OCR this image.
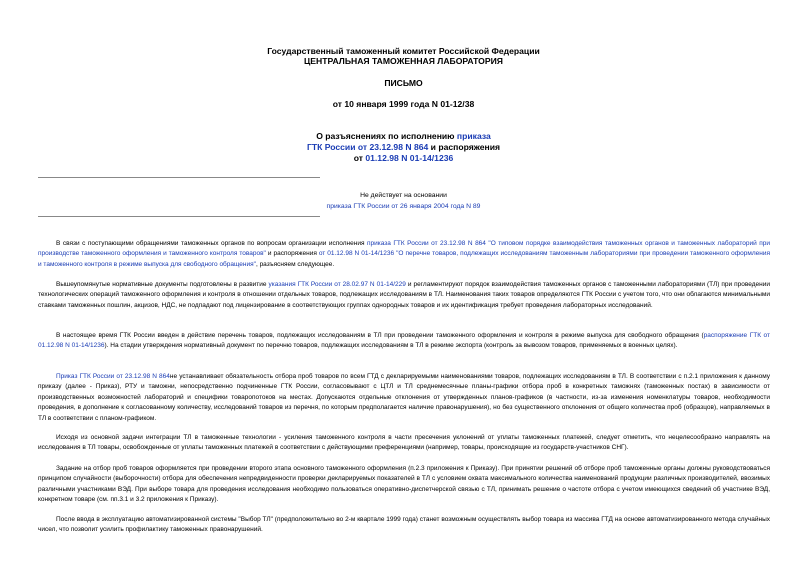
Государственный таможенный комитет Российской Федерации
ЦЕНТРАЛЬНАЯ ТАМОЖЕННАЯ ЛАБОРАТОРИЯ
ПИСЬМО
от 10 января 1999 года N 01-12/38
О разъяснениях по исполнению приказа
ГТК России от 23.12.98 N 864 и распоряжения
от 01.12.98 N 01-14/1236
Не действует на основании
приказа ГТК России от 26 января 2004 года N 89
В связи с поступающими обращениями таможенных органов по вопросам организации исполнения приказа ГТК России от 23.12.98 N 864 "О типовом порядке взаимодействия таможенных органов и таможенных лабораторий при производстве таможенного оформления и таможенного контроля товаров" и распоряжения от 01.12.98 N 01-14/1236 "О перечне товаров, подлежащих исследованиям таможенным лабораториями при проведении таможенного оформления и таможенного контроля в режиме выпуска для свободного обращения", разъясняем следующее.
Вышеупомянутые нормативные документы подготовлены в развитие указания ГТК России от 28.02.97 N 01-14/229 и регламентируют порядок взаимодействия таможенных органов с таможенными лабораториями (ТЛ) при проведении технологических операций таможенного оформления и контроля в отношении отдельных товаров, подлежащих исследованиям в ТЛ. Наименования таких товаров определяются ГТК России с учетом того, что они облагаются минимальными ставками таможенных пошлин, акцизов, НДС, не подпадают под лицензирование в соответствующих группах однородных товаров и их идентификация требует проведения лабораторных исследований.
В настоящее время ГТК России введен в действие перечень товаров, подлежащих исследованиям в ТЛ при проведении таможенного оформления и контроля в режиме выпуска для свободного обращения (распоряжение ГТК от 01.12.98 N 01-14/1236). На стадии утверждения нормативный документ по перечню товаров, подлежащих исследованиям в ТЛ в режиме экспорта (контроль за вывозом товаров, применяемых в военных целях).
Приказ ГТК России от 23.12.98 N 864не устанавливает обязательность отбора проб товаров по всем ГТД с декларируемыми наименованиями товаров, подлежащих исследованиям в ТЛ. В соответствии с п.2.1 приложения к данному приказу (далее - Приказ), РТУ и таможни, непосредственно подчиненные ГТК России, согласовывают с ЦТЛ и ТЛ среднемесячные планы-графики отбора проб в конкретных таможнях (таможенных постах) в зависимости от производственных возможностей лабораторий и специфики товаропотоков на местах. Допускаются отдельные отклонения от утвержденных планов-графиков (в частности, из-за изменения номенклатуры товаров, необходимости проведения, в дополнение к согласованному количеству, исследований товаров из перечня, по которым предполагается наличие правонарушения), но без существенного отклонения от общего количества проб (образцов), направляемых в ТЛ в соответствии с планом-графиком.
Исходя из основной задачи интеграции ТЛ в таможенные технологии - усиления таможенного контроля в части пресечения уклонений от уплаты таможенных платежей, следует отметить, что нецелесообразно направлять на исследования в ТЛ товары, освобожденные от уплаты таможенных платежей в соответствии с действующими преференциями (например, товары, происходящие из государств-участников СНГ).
Задание на отбор проб товаров оформляется при проведении второго этапа основного таможенного оформления (п.2.3 приложения к Приказу). При принятии решений об отборе проб таможенные органы должны руководствоваться принципом случайности (выборочности) отбора для обеспечения непредвиденности проверки декларируемых показателей в ТЛ с условием охвата максимального количества наименований продукции различных производителей, ввозимых различными участниками ВЭД. При выборе товара для проведения исследования необходимо пользоваться оперативно-диспетчерской связью с ТЛ, принимать решение о частоте отбора с учетом имеющихся сведений об участнике ВЭД, конкретном товаре (см. пп.3.1 и 3.2 приложения к Приказу).
После ввода в эксплуатацию автоматизированной системы "Выбор ТЛ" (предположительно во 2-м квартале 1999 года) станет возможным осуществлять выбор товара из массива ГТД на основе автоматизированного метода случайных чисел, что позволит усилить профилактику таможенных правонарушений.
